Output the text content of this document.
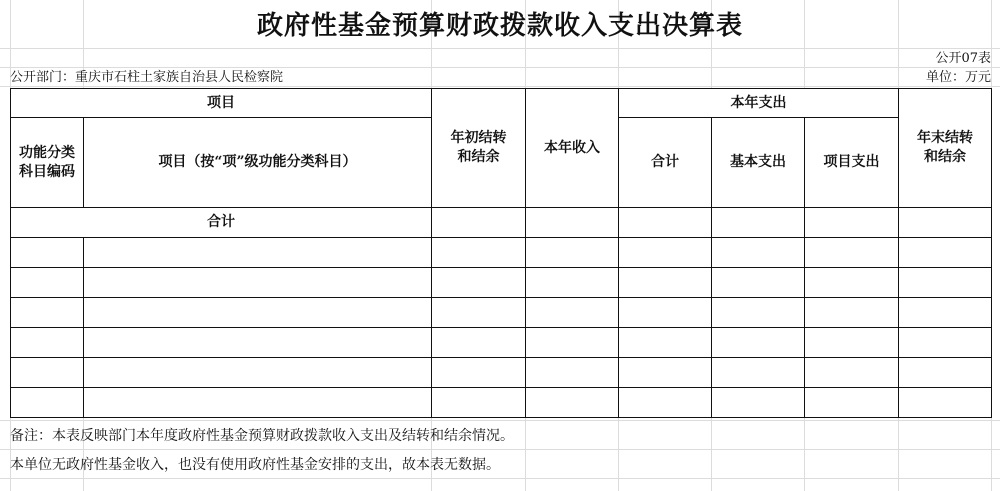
政府性基金预算财政拨款收入支出决算表
公开07表
公开部门：重庆市石柱土家族自治县人民检察院	单位：万元
项目		年初结转和结余	本年收入	本年支出			年末结转和结余
功能分类科目编码	项目（按“项”级功能分类科目）			合计	基本支出	项目支出	
合计							

备注：本表反映部门本年度政府性基金预算财政拨款收入支出及结转和结余情况。
本单位无政府性基金收入，也没有使用政府性基金安排的支出，故本表无数据。
